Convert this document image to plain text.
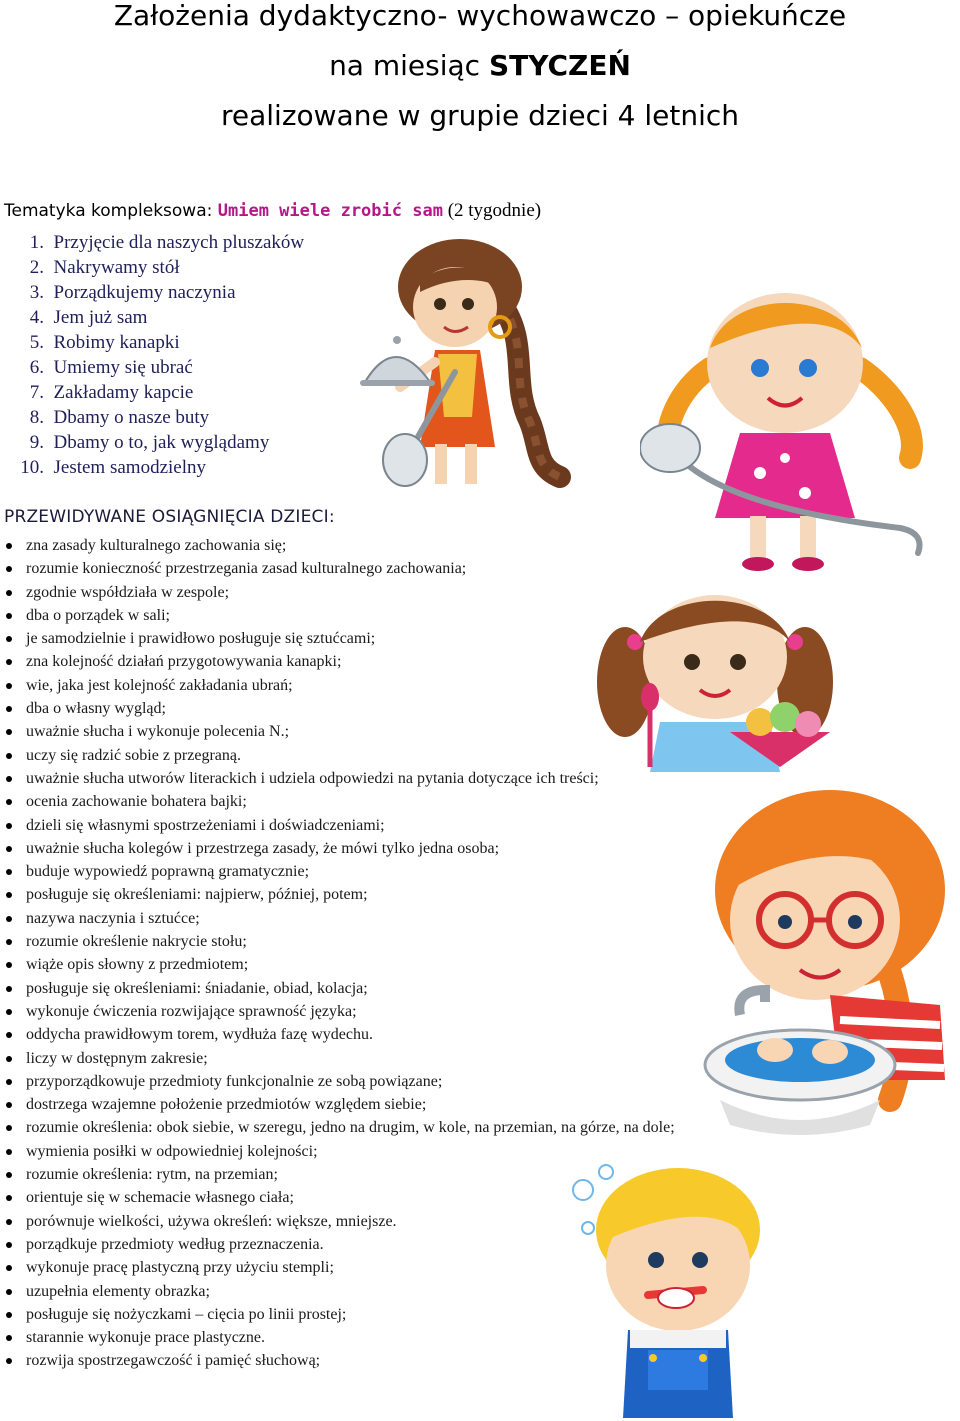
Założenia dydaktyczno- wychowawczo – opiekuńcze
na miesiąc STYCZEŃ
realizowane w grupie dzieci 4 letnich
Tematyka kompleksowa: Umiem wiele zrobić sam (2 tygodnie)
1. Przyjęcie dla naszych pluszaków
2. Nakrywamy stół
3. Porządkujemy naczynia
4. Jem już sam
5. Robimy kanapki
6. Umiemy się ubrać
7. Zakładamy kapcie
8. Dbamy o nasze buty
9. Dbamy o to, jak wyglądamy
10. Jestem samodzielny
PRZEWIDYWANE OSIĄGNIĘCIA DZIECI:
zna zasady kulturalnego zachowania się;
rozumie konieczność przestrzegania zasad kulturalnego zachowania;
zgodnie współdziała w zespole;
dba o porządek w sali;
je samodzielnie i prawidłowo posługuje się sztućcami;
zna kolejność działań przygotowywania kanapki;
wie, jaka jest kolejność zakładania ubrań;
dba o własny wygląd;
uważnie słucha i wykonuje polecenia N.;
uczy się radzić sobie z przegraną.
uważnie słucha utworów literackich i udziela odpowiedzi na pytania dotyczące ich treści;
ocenia zachowanie bohatera bajki;
dzieli się własnymi spostrzeżeniami i doświadczeniami;
uważnie słucha kolegów i przestrzega zasady, że mówi tylko jedna osoba;
buduje wypowiedź poprawną gramatycznie;
posługuje się określeniami: najpierw, później, potem;
nazywa naczynia i sztućce;
rozumie określenie nakrycie stołu;
wiąże opis słowny z przedmiotem;
posługuje się określeniami: śniadanie, obiad, kolacja;
wykonuje ćwiczenia rozwijające sprawność języka;
oddycha prawidłowym torem, wydłuża fazę wydechu.
liczy w dostępnym zakresie;
przyporządkowuje przedmioty funkcjonalnie ze sobą powiązane;
dostrzega wzajemne położenie przedmiotów względem siebie;
rozumie określenia: obok siebie, w szeregu, jedno na drugim, w kole, na przemian, na górze, na dole;
wymienia posiłki w odpowiedniej kolejności;
rozumie określenia: rytm, na przemian;
orientuje się w schemacie własnego ciała;
porównuje wielkości, używa określeń: większe, mniejsze.
porządkuje przedmioty według przeznaczenia.
wykonuje pracę plastyczną przy użyciu stempli;
uzupełnia elementy obrazka;
posługuje się nożyczkami – cięcia po linii prostej;
starannie wykonuje prace plastyczne.
rozwija spostrzegawczość i pamięć słuchową;
